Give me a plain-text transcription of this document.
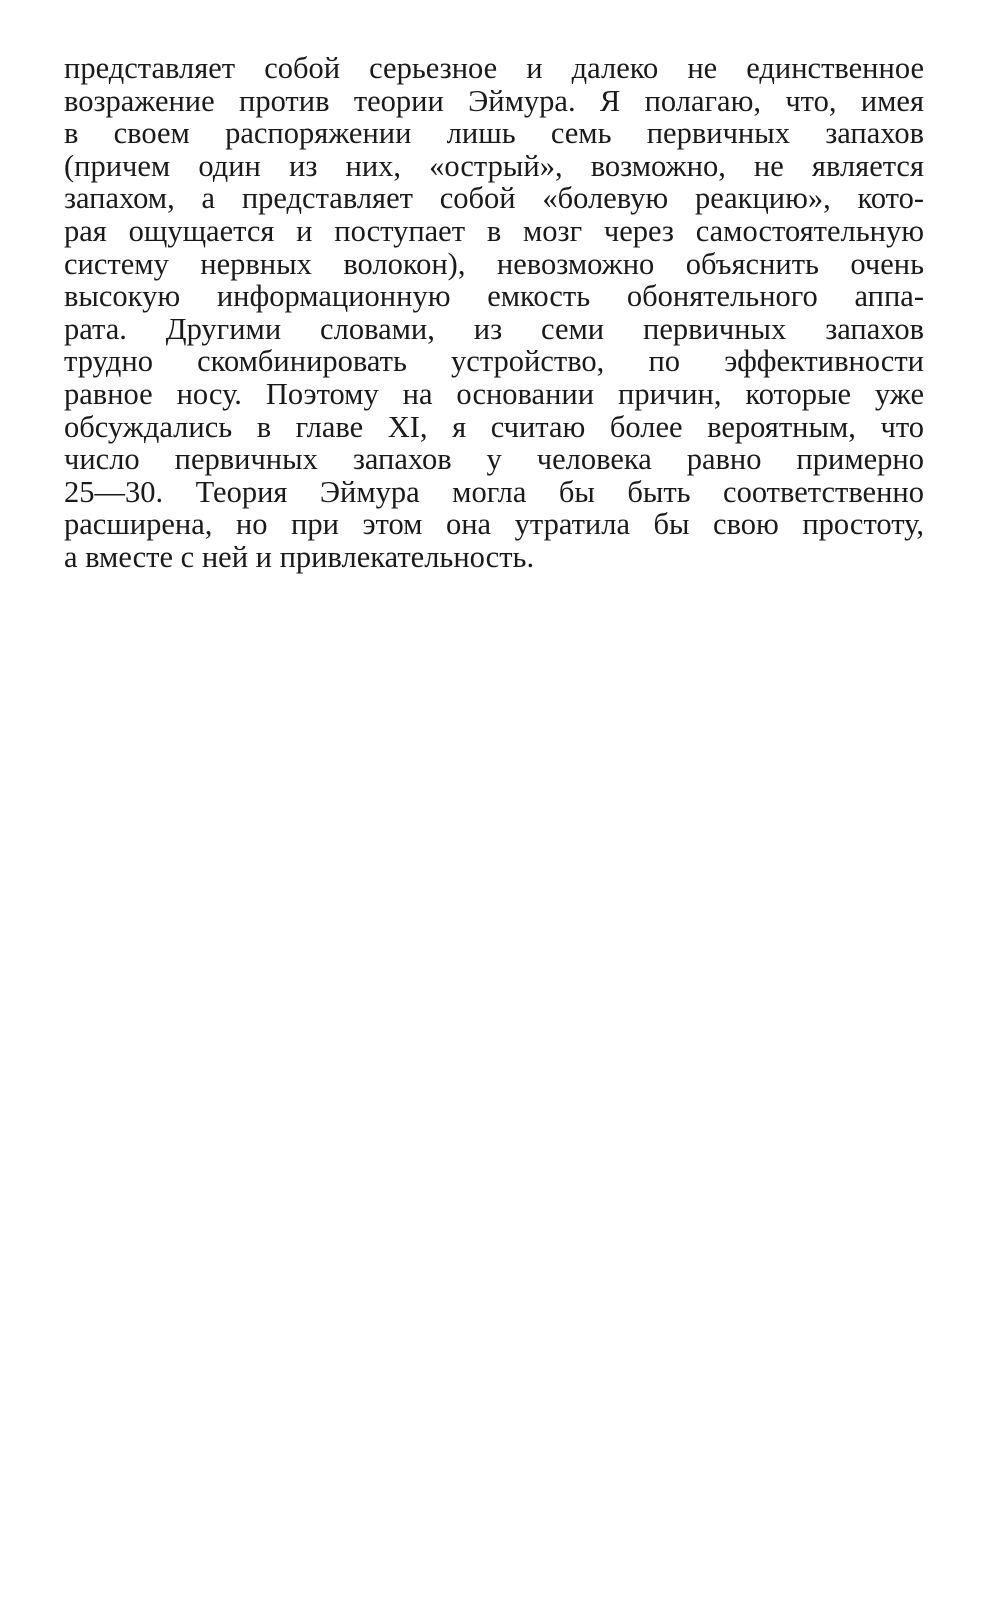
представляет собой серьезное и далеко не единственное
возражение против теории Эймура. Я полагаю, что, имея
в своем распоряжении лишь семь первичных запахов
(причем один из них, «острый», возможно, не является
запахом, а представляет собой «болевую реакцию», кото-
рая ощущается и поступает в мозг через самостоятельную
систему нервных волокон), невозможно объяснить очень
высокую информационную емкость обонятельного аппа-
рата. Другими словами, из семи первичных запахов
трудно скомбинировать устройство, по эффективности
равное носу. Поэтому на основании причин, которые уже
обсуждались в главе XI, я считаю более вероятным, что
число первичных запахов у человека равно примерно
25—30. Теория Эймура могла бы быть соответственно
расширена, но при этом она утратила бы свою простоту,
а вместе с ней и привлекательность.
